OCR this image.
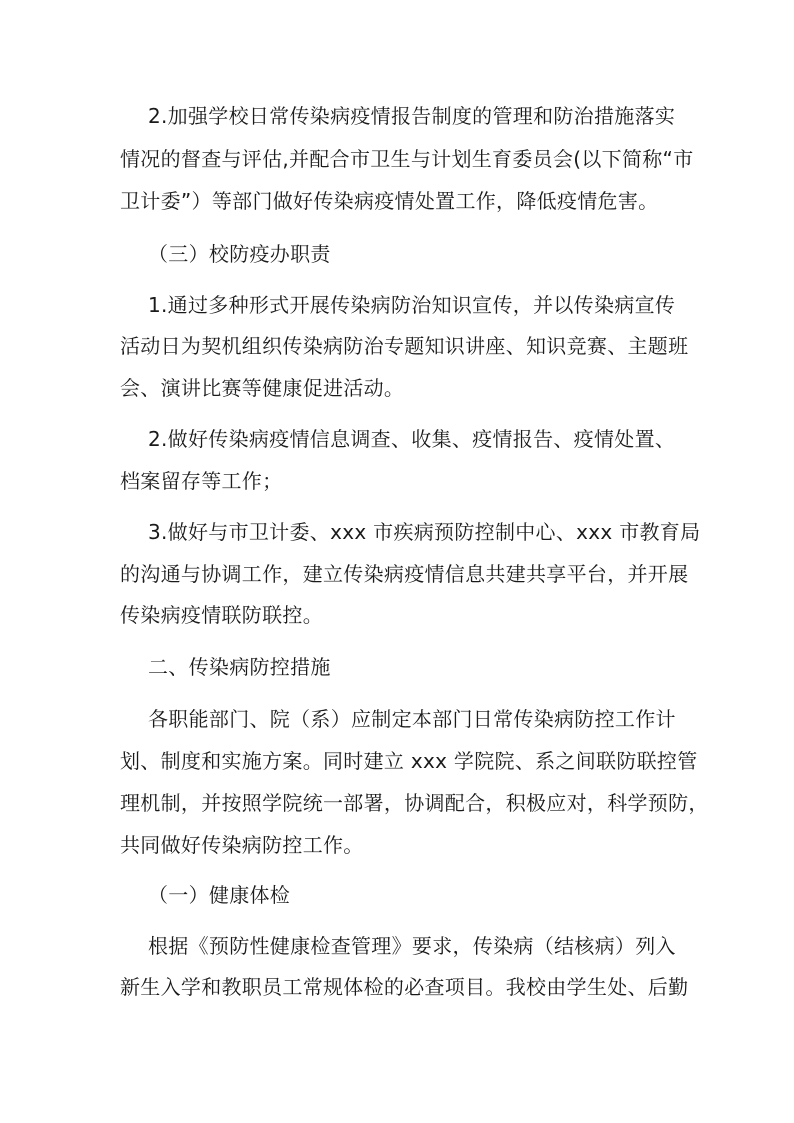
2.加强学校日常传染病疫情报告制度的管理和防治措施落实
情况的督查与评估,并配合市卫生与计划生育委员会(以下简称“市
卫计委”）等部门做好传染病疫情处置工作，降低疫情危害。
（三）校防疫办职责
1.通过多种形式开展传染病防治知识宣传，并以传染病宣传
活动日为契机组织传染病防治专题知识讲座、知识竞赛、主题班
会、演讲比赛等健康促进活动。
2.做好传染病疫情信息调查、收集、疫情报告、疫情处置、
档案留存等工作；
3.做好与市卫计委、xxx 市疾病预防控制中心、xxx 市教育局
的沟通与协调工作，建立传染病疫情信息共建共享平台，并开展
传染病疫情联防联控。
二、传染病防控措施
各职能部门、院（系）应制定本部门日常传染病防控工作计
划、制度和实施方案。同时建立 xxx 学院院、系之间联防联控管
理机制，并按照学院统一部署，协调配合，积极应对，科学预防，
共同做好传染病防控工作。
（一）健康体检
根据《预防性健康检查管理》要求，传染病（结核病）列入
新生入学和教职员工常规体检的必查项目。我校由学生处、后勤
